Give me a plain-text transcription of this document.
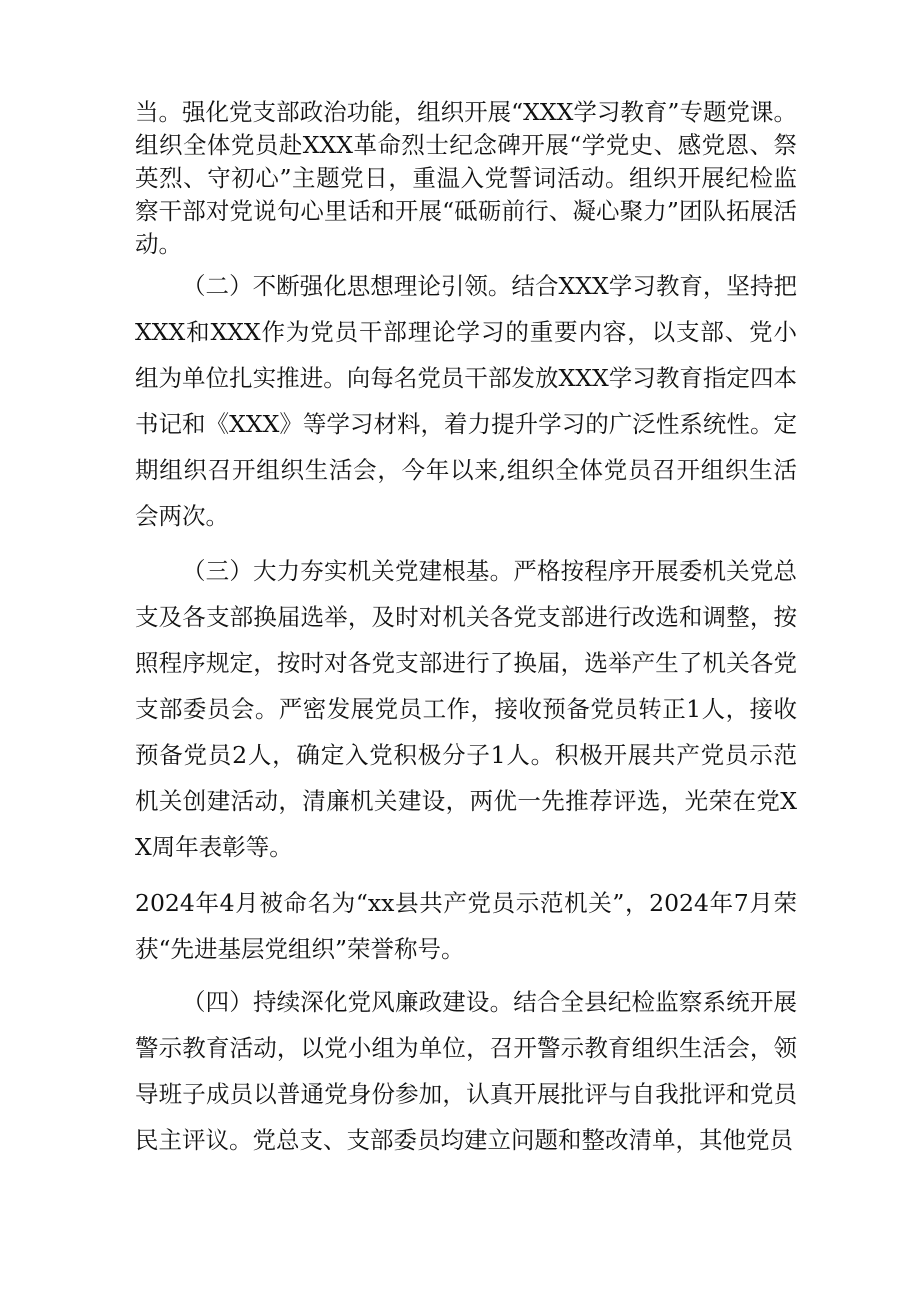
当。强化党支部政治功能，组织开展“XXX学习教育”专题党课。组织全体党员赴XXX革命烈士纪念碑开展“学党史、感党恩、祭英烈、守初心”主题党日，重温入党誓词活动。组织开展纪检监察干部对党说句心里话和开展“砥砺前行、凝心聚力”团队拓展活动。

（二）不断强化思想理论引领。结合XXX学习教育，坚持把XXX和XXX作为党员干部理论学习的重要内容，以支部、党小组为单位扎实推进。向每名党员干部发放XXX学习教育指定四本书记和《XXX》等学习材料，着力提升学习的广泛性系统性。定期组织召开组织生活会，今年以来,组织全体党员召开组织生活会两次。

（三）大力夯实机关党建根基。严格按程序开展委机关党总支及各支部换届选举，及时对机关各党支部进行改选和调整，按照程序规定，按时对各党支部进行了换届，选举产生了机关各党支部委员会。严密发展党员工作，接收预备党员转正1人，接收预备党员2人，确定入党积极分子1人。积极开展共产党员示范机关创建活动，清廉机关建设，两优一先推荐评选，光荣在党XX周年表彰等。

2024年4月被命名为“xx县共产党员示范机关”，2024年7月荣获“先进基层党组织”荣誉称号。

（四）持续深化党风廉政建设。结合全县纪检监察系统开展警示教育活动，以党小组为单位，召开警示教育组织生活会，领导班子成员以普通党身份参加，认真开展批评与自我批评和党员民主评议。党总支、支部委员均建立问题和整改清单，其他党员
